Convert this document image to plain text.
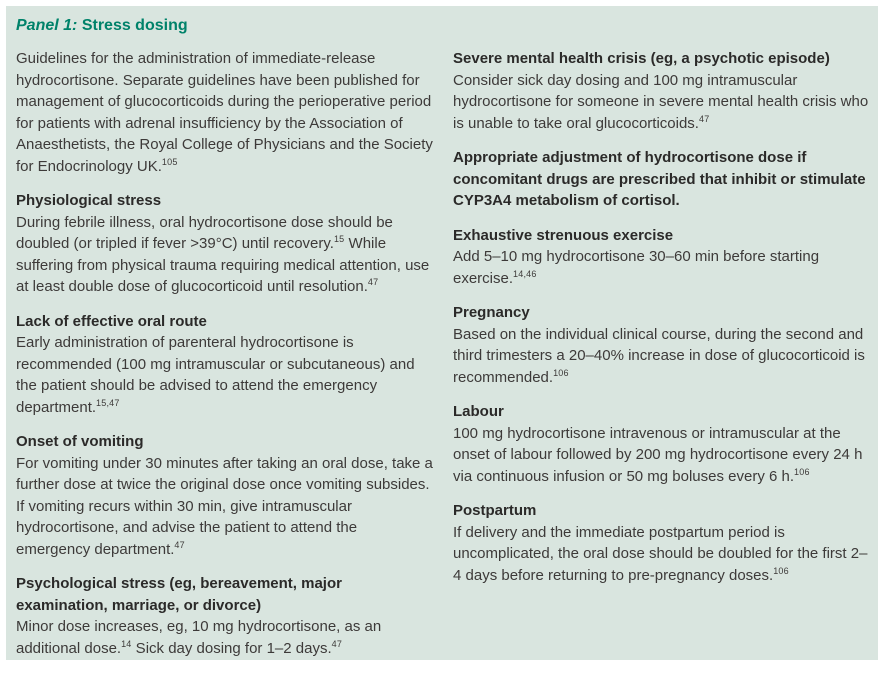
Panel 1: Stress dosing

Guidelines for the administration of immediate-release hydrocortisone. Separate guidelines have been published for management of glucocorticoids during the perioperative period for patients with adrenal insufficiency by the Association of Anaesthetists, the Royal College of Physicians and the Society for Endocrinology UK.$^{105}$

Physiological stress

During febrile illness, oral hydrocortisone dose should be doubled (or tripled if fever >39°C) until recovery.$^{15}$ While suffering from physical trauma requiring medical attention, use at least double dose of glucocorticoid until resolution.$^{47}$

Lack of effective oral route

Early administration of parenteral hydrocortisone is recommended (100 mg intramuscular or subcutaneous) and the patient should be advised to attend the emergency department.$^{15,47}$

Onset of vomiting

For vomiting under 30 minutes after taking an oral dose, take a further dose at twice the original dose once vomiting subsides. If vomiting recurs within 30 min, give intramuscular hydrocortisone, and advise the patient to attend the emergency department.$^{47}$

Psychological stress (eg, bereavement, major examination, marriage, or divorce)

Minor dose increases, eg, 10 mg hydrocortisone, as an additional dose.$^{14}$ Sick day dosing for 1–2 days.$^{47}$

Severe mental health crisis (eg, a psychotic episode)

Consider sick day dosing and 100 mg intramuscular hydrocortisone for someone in severe mental health crisis who is unable to take oral glucocorticoids.$^{47}$

Appropriate adjustment of hydrocortisone dose if concomitant drugs are prescribed that inhibit or stimulate CYP3A4 metabolism of cortisol.
Exhaustive strenuous exercise

Add 5–10 mg hydrocortisone 30–60 min before starting exercise.$^{14,46}$

Pregnancy

Based on the individual clinical course, during the second and third trimesters a 20–40% increase in dose of glucocorticoid is recommended.$^{106}$

Labour

100 mg hydrocortisone intravenous or intramuscular at the onset of labour followed by 200 mg hydrocortisone every 24 h via continuous infusion or 50 mg boluses every 6 h.$^{106}$

Postpartum

If delivery and the immediate postpartum period is uncomplicated, the oral dose should be doubled for the first 2–4 days before returning to pre-pregnancy doses.$^{106}$
